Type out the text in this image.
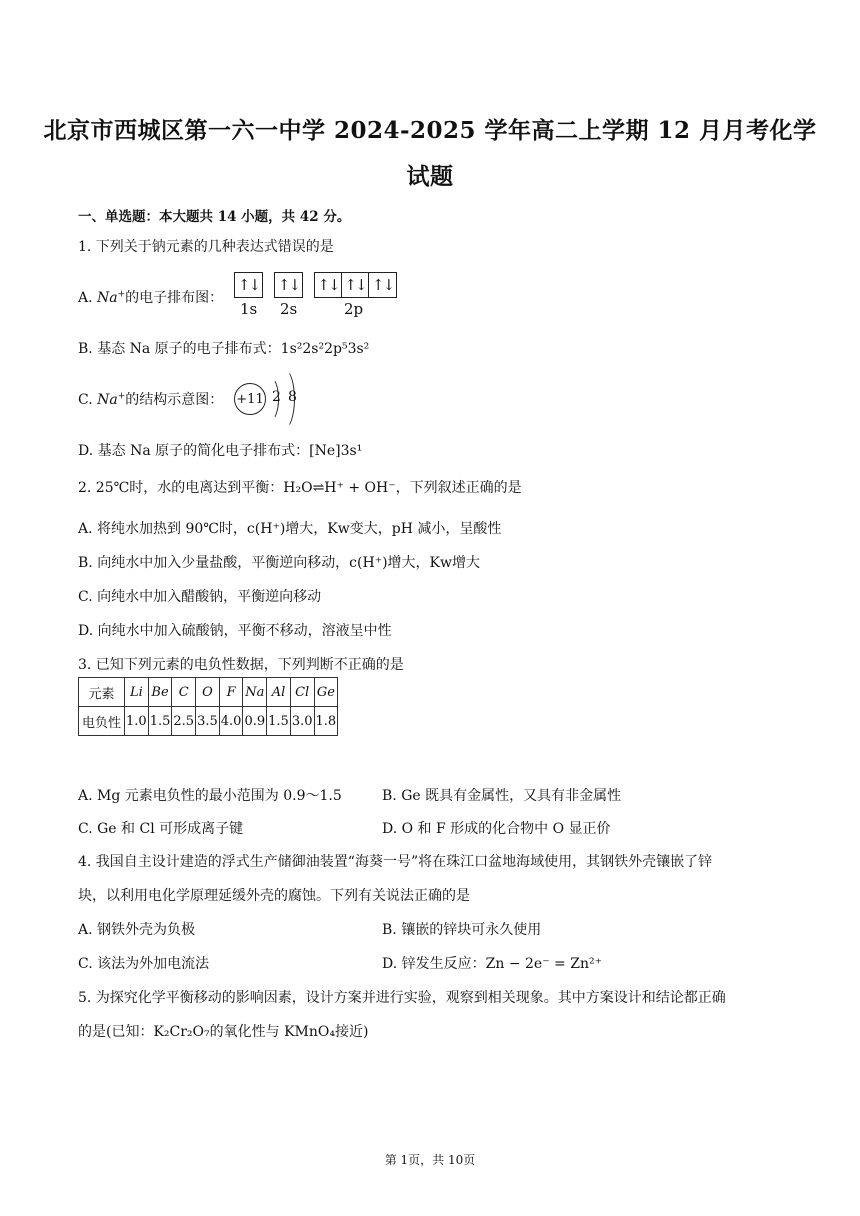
北京市西城区第一六一中学 2024-2025 学年高二上学期 12 月月考化学
试题
一、单选题：本大题共 14 小题，共 42 分。
1. 下列关于钠元素的几种表达式错误的是
A. Na+的电子排布图：
↑↓ ↑↓ ↑↓ ↑↓ ↑↓
1s 2s	2p
B. 基态 Na 原子的电子排布式：1s²2s²2p⁵3s²
C. Na+的结构示意图： +11 2 8
D. 基态 Na 原子的简化电子排布式：[Ne]3s¹
2. 25℃时，水的电离达到平衡：H₂O⇌H⁺ + OH⁻，下列叙述正确的是
A. 将纯水加热到 90℃时，c(H⁺)增大，Kw变大，pH 减小，呈酸性
B. 向纯水中加入少量盐酸，平衡逆向移动，c(H⁺)增大，Kw增大
C. 向纯水中加入醋酸钠，平衡逆向移动
D. 向纯水中加入硫酸钠，平衡不移动，溶液呈中性
3. 已知下列元素的电负性数据，下列判断不正确的是
元素	Li	Be	C	O	F	Na	Al	Cl	Ge
电负性	1.0	1.5	2.5	3.5	4.0	0.9	1.5	3.0	1.8
A. Mg 元素电负性的最小范围为 0.9～1.5	B. Ge 既具有金属性，又具有非金属性
C. Ge 和 Cl 可形成离子键	D. O 和 F 形成的化合物中 O 显正价
4. 我国自主设计建造的浮式生产储御油装置“海葵一号”将在珠江口盆地海域使用，其钢铁外壳镶嵌了锌
块，以利用电化学原理延缓外壳的腐蚀。下列有关说法正确的是
A. 钢铁外壳为负极	B. 镶嵌的锌块可永久使用
C. 该法为外加电流法	D. 锌发生反应：Zn − 2e⁻ = Zn²⁺
5. 为探究化学平衡移动的影响因素，设计方案并进行实验，观察到相关现象。其中方案设计和结论都正确
的是(已知：K₂Cr₂O₇的氧化性与 KMnO₄接近)
第 1页，共 10页
